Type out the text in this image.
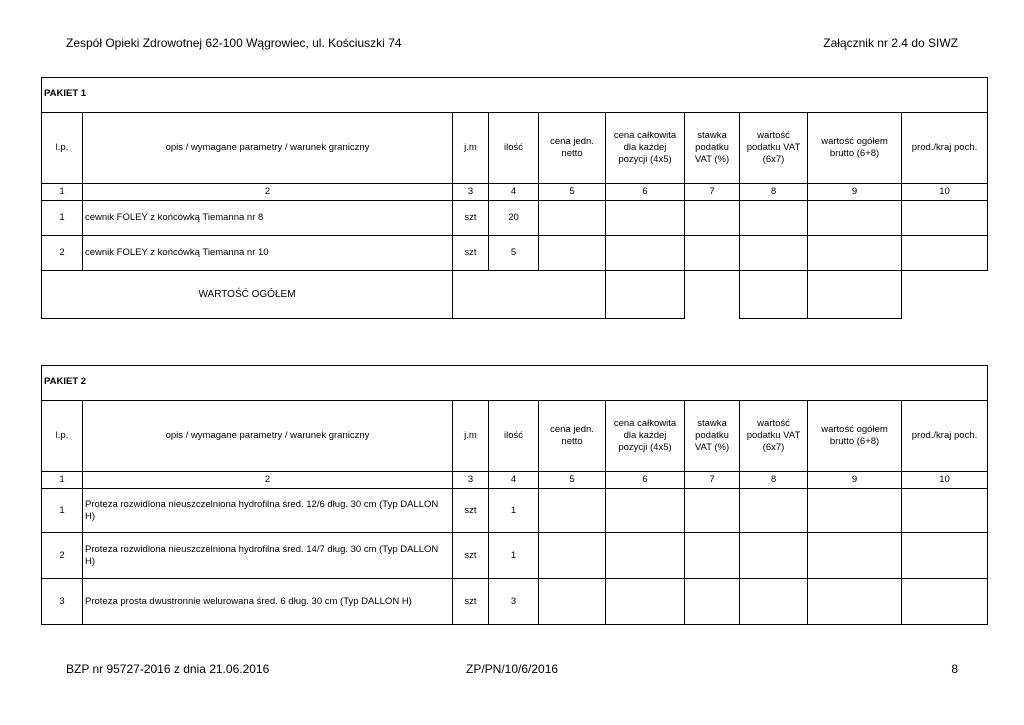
Zespół Opieki Zdrowotnej 62-100 Wągrowiec, ul. Kościuszki 74	Załącznik nr 2.4 do SIWZ
PAKIET 1									
l.p.	opis / wymagane parametry / warunek graniczny	j.m	ilość	cena jedn. netto	cena całkowita dla każdej pozycji (4x5)	stawka podatku VAT (%)	wartość podatku VAT (6x7)	wartość ogółem brutto (6+8)	prod./kraj poch.
1	2	3	4	5	6	7	8	9	10
1	cewnik FOLEY z końcówką Tiemanna nr 8	szt	20						
2	cewnik FOLEY z końcówką Tiemanna nr 10	szt	5						
WARTOŚĆ OGÓŁEM									
PAKIET 2									
l.p.	opis / wymagane parametry / warunek graniczny	j.m	ilość	cena jedn. netto	cena całkowita dla każdej pozycji (4x5)	stawka podatku VAT (%)	wartość podatku VAT (6x7)	wartość ogółem brutto (6+8)	prod./kraj poch.
1	2	3	4	5	6	7	8	9	10
1	Proteza rozwidlona nieuszczelniona hydrofilna śred. 12/6 dług. 30 cm (Typ DALLON H)	szt	1						
2	Proteza rozwidlona nieuszczelniona hydrofilna śred. 14/7 dług. 30 cm (Typ DALLON H)	szt	1						
3	Proteza prosta dwustronnie welurowana śred. 6 dług. 30 cm (Typ DALLON H)	szt	3						
BZP nr 95727-2016 z dnia 21.06.2016	ZP/PN/10/6/2016	8
